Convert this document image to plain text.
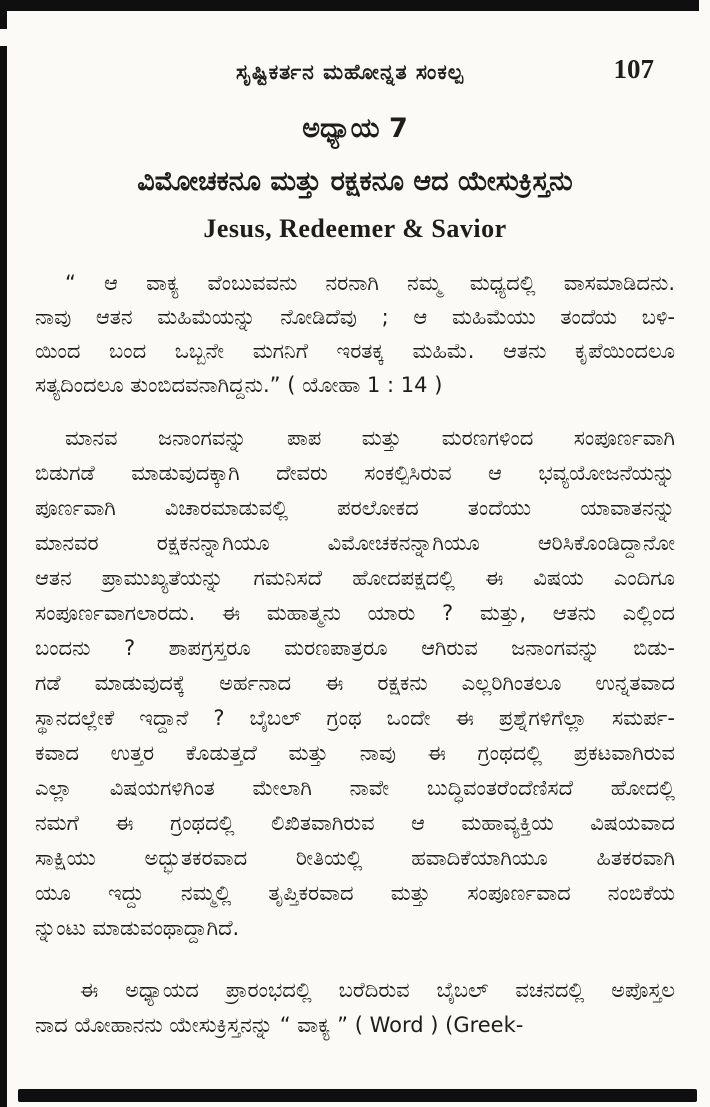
ಸೃಷ್ಟಿಕರ್ತನ ಮಹೋನ್ನತ ಸಂಕಲ್ಪ	107
ಅಧ್ಯಾಯ 7
ವಿಮೋಚಕನೂ ಮತ್ತು ರಕ್ಷಕನೂ ಆದ ಯೇಸುಕ್ರಿಸ್ತನು
Jesus, Redeemer & Savior
“ ಆ ವಾಕ್ಯ ವೆಂಬುವವನು ನರನಾಗಿ ನಮ್ಮ ಮಧ್ಯದಲ್ಲಿ ವಾಸಮಾಡಿದನು.
ನಾವು ಆತನ ಮಹಿಮೆಯನ್ನು ನೋಡಿದೆವು ; ಆ ಮಹಿಮೆಯು ತಂದೆಯ ಬಳಿ-
ಯಿಂದ ಬಂದ ಒಬ್ಬನೇ ಮಗನಿಗೆ ಇರತಕ್ಕ ಮಹಿಮೆ. ಆತನು ಕೃಪೆಯಿಂದಲೂ
ಸತ್ಯದಿಂದಲೂ ತುಂಬಿದವನಾಗಿದ್ದನು.” ( ಯೋಹಾ 1 : 14 )
ಮಾನವ ಜನಾಂಗವನ್ನು ಪಾಪ ಮತ್ತು ಮರಣಗಳಿಂದ ಸಂಪೂರ್ಣವಾಗಿ
ಬಿಡುಗಡೆ ಮಾಡುವುದಕ್ಕಾಗಿ ದೇವರು ಸಂಕಲ್ಪಿಸಿರುವ ಆ ಭವ್ಯಯೋಜನೆಯನ್ನು
ಪೂರ್ಣವಾಗಿ ವಿಚಾರಮಾಡುವಲ್ಲಿ ಪರಲೋಕದ ತಂದೆಯು ಯಾವಾತನನ್ನು
ಮಾನವರ ರಕ್ಷಕನನ್ನಾಗಿಯೂ ವಿಮೋಚಕನನ್ನಾಗಿಯೂ ಆರಿಸಿಕೊಂಡಿದ್ದಾನೋ
ಆತನ ಪ್ರಾಮುಖ್ಯತೆಯನ್ನು ಗಮನಿಸದೆ ಹೋದಪಕ್ಷದಲ್ಲಿ ಈ ವಿಷಯ ಎಂದಿಗೂ
ಸಂಪೂರ್ಣವಾಗಲಾರದು. ಈ ಮಹಾತ್ಮನು ಯಾರು ? ಮತ್ತು, ಆತನು ಎಲ್ಲಿಂದ
ಬಂದನು ? ಶಾಪಗ್ರಸ್ತರೂ ಮರಣಪಾತ್ರರೂ ಆಗಿರುವ ಜನಾಂಗವನ್ನು ಬಿಡು-
ಗಡೆ ಮಾಡುವುದಕ್ಕೆ ಅರ್ಹನಾದ ಈ ರಕ್ಷಕನು ಎಲ್ಲರಿಗಿಂತಲೂ ಉನ್ನತವಾದ
ಸ್ಥಾನದಲ್ಲೇಕೆ ಇದ್ದಾನೆ ? ಬೈಬಲ್ ಗ್ರಂಥ ಒಂದೇ ಈ ಪ್ರಶ್ನೆಗಳಿಗೆಲ್ಲಾ ಸಮರ್ಪ-
ಕವಾದ ಉತ್ತರ ಕೊಡುತ್ತದೆ ಮತ್ತು ನಾವು ಈ ಗ್ರಂಥದಲ್ಲಿ ಪ್ರಕಟವಾಗಿರುವ
ಎಲ್ಲಾ ವಿಷಯಗಳಿಗಿಂತ ಮೇಲಾಗಿ ನಾವೇ ಬುದ್ಧಿವಂತರೆಂದೆಣಿಸದೆ ಹೋದಲ್ಲಿ
ನಮಗೆ ಈ ಗ್ರಂಥದಲ್ಲಿ ಲಿಖಿತವಾಗಿರುವ ಆ ಮಹಾವ್ಯಕ್ತಿಯ ವಿಷಯವಾದ
ಸಾಕ್ಷಿಯು ಅದ್ಭುತಕರವಾದ ರೀತಿಯಲ್ಲಿ ಹವಾದಿಕೆಯಾಗಿಯೂ ಹಿತಕರವಾಗಿ
ಯೂ ಇದ್ದು ನಮ್ಮಲ್ಲಿ ತೃಪ್ತಿಕರವಾದ ಮತ್ತು ಸಂಪೂರ್ಣವಾದ ನಂಬಿಕೆಯ
ನ್ನುಂಟು ಮಾಡುವಂಥಾದ್ದಾಗಿದೆ.
ಈ ಅಧ್ಯಾಯದ ಪ್ರಾರಂಭದಲ್ಲಿ ಬರೆದಿರುವ ಬೈಬಲ್ ವಚನದಲ್ಲಿ ಅಪೊಸ್ತಲ
ನಾದ ಯೋಹಾನನು ಯೇಸುಕ್ರಿಸ್ತನನ್ನು “ ವಾಕ್ಯ ” ( Word ) (Greek-
